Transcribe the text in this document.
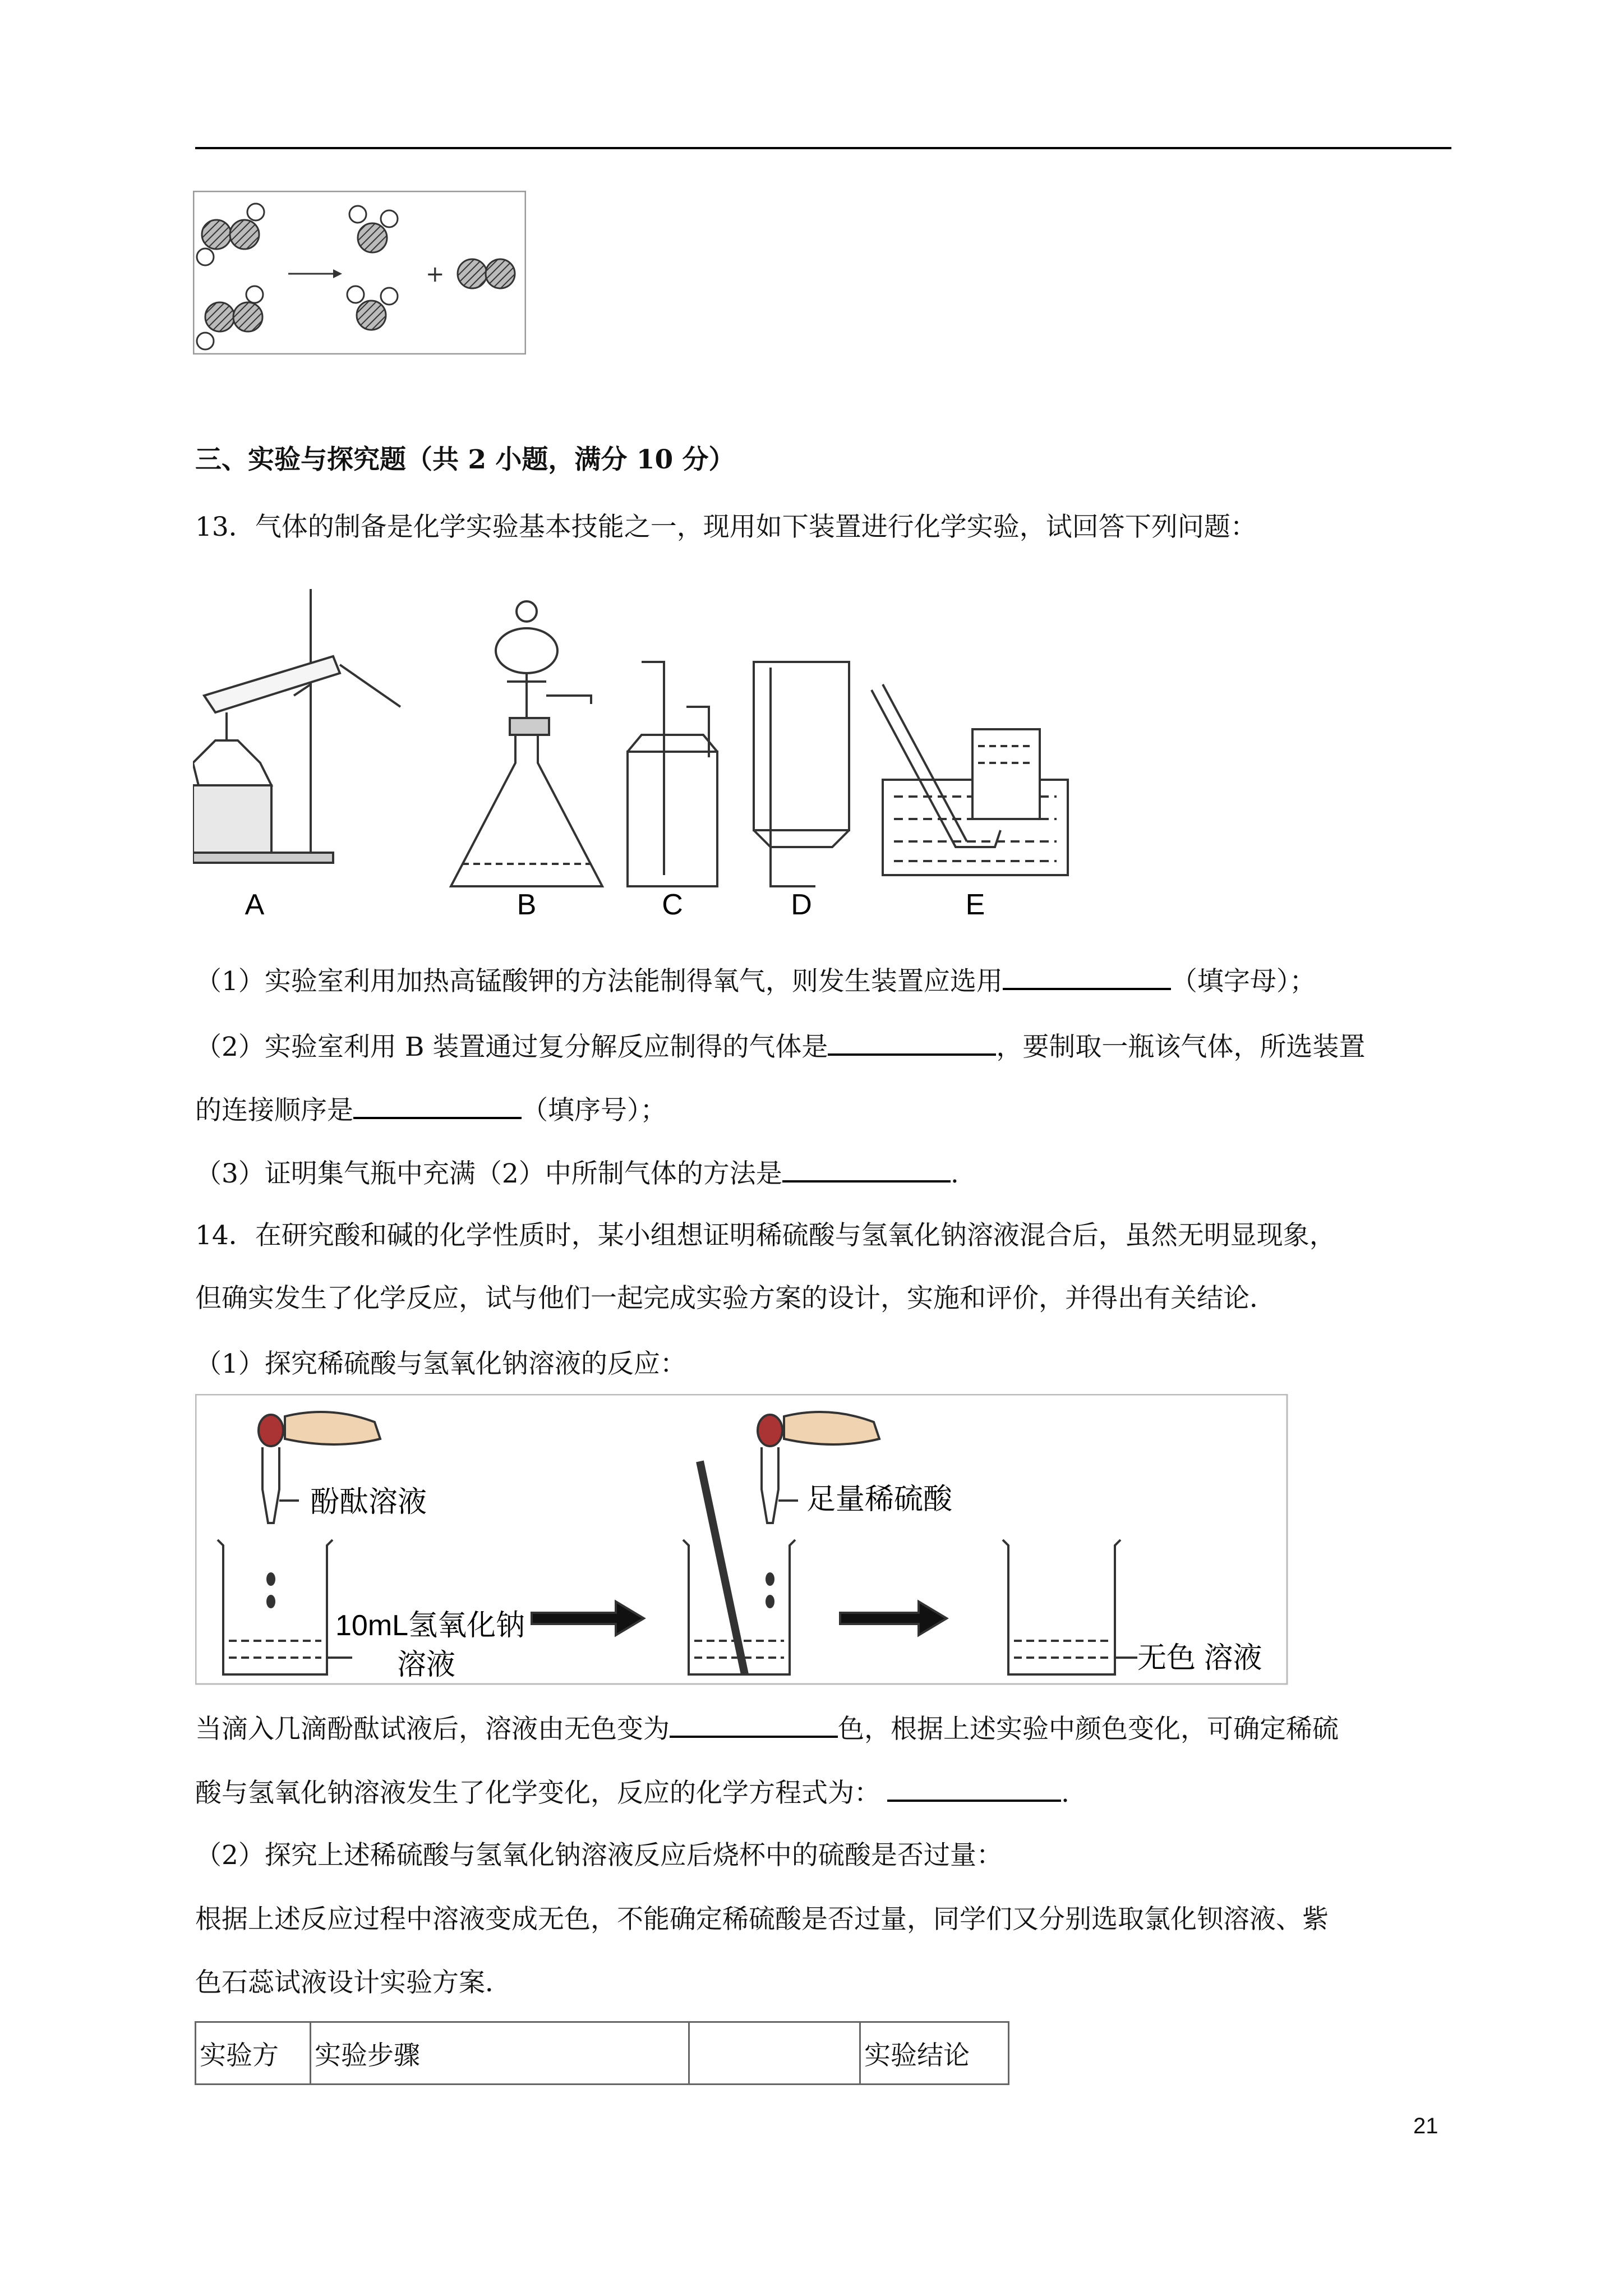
+
三、实验与探究题（共 2 小题，满分 10 分）
13．气体的制备是化学实验基本技能之一，现用如下装置进行化学实验，试回答下列问题：
A	B	C	D	E
（1）实验室利用加热高锰酸钾的方法能制得氧气，则发生装置应选用	（填字母）；
（2）实验室利用 B 装置通过复分解反应制得的气体是	，要制取一瓶该气体，所选装置
的连接顺序是	（填序号）；
（3）证明集气瓶中充满（2）中所制气体的方法是	.
14．在研究酸和碱的化学性质时，某小组想证明稀硫酸与氢氧化钠溶液混合后，虽然无明显现象，
但确实发生了化学反应，试与他们一起完成实验方案的设计，实施和评价，并得出有关结论．
（1）探究稀硫酸与氢氧化钠溶液的反应：
酚酞溶液
10mL氢氧化钠
溶液
足量稀硫酸
无色 溶液
当滴入几滴酚酞试液后，溶液由无色变为	色，根据上述实验中颜色变化，可确定稀硫
酸与氢氧化钠溶液发生了化学变化，反应的化学方程式为：	.
（2）探究上述稀硫酸与氢氧化钠溶液反应后烧杯中的硫酸是否过量：
根据上述反应过程中溶液变成无色，不能确定稀硫酸是否过量，同学们又分别选取氯化钡溶液、紫
色石蕊试液设计实验方案．
实验方	实验步骤		实验结论
21
